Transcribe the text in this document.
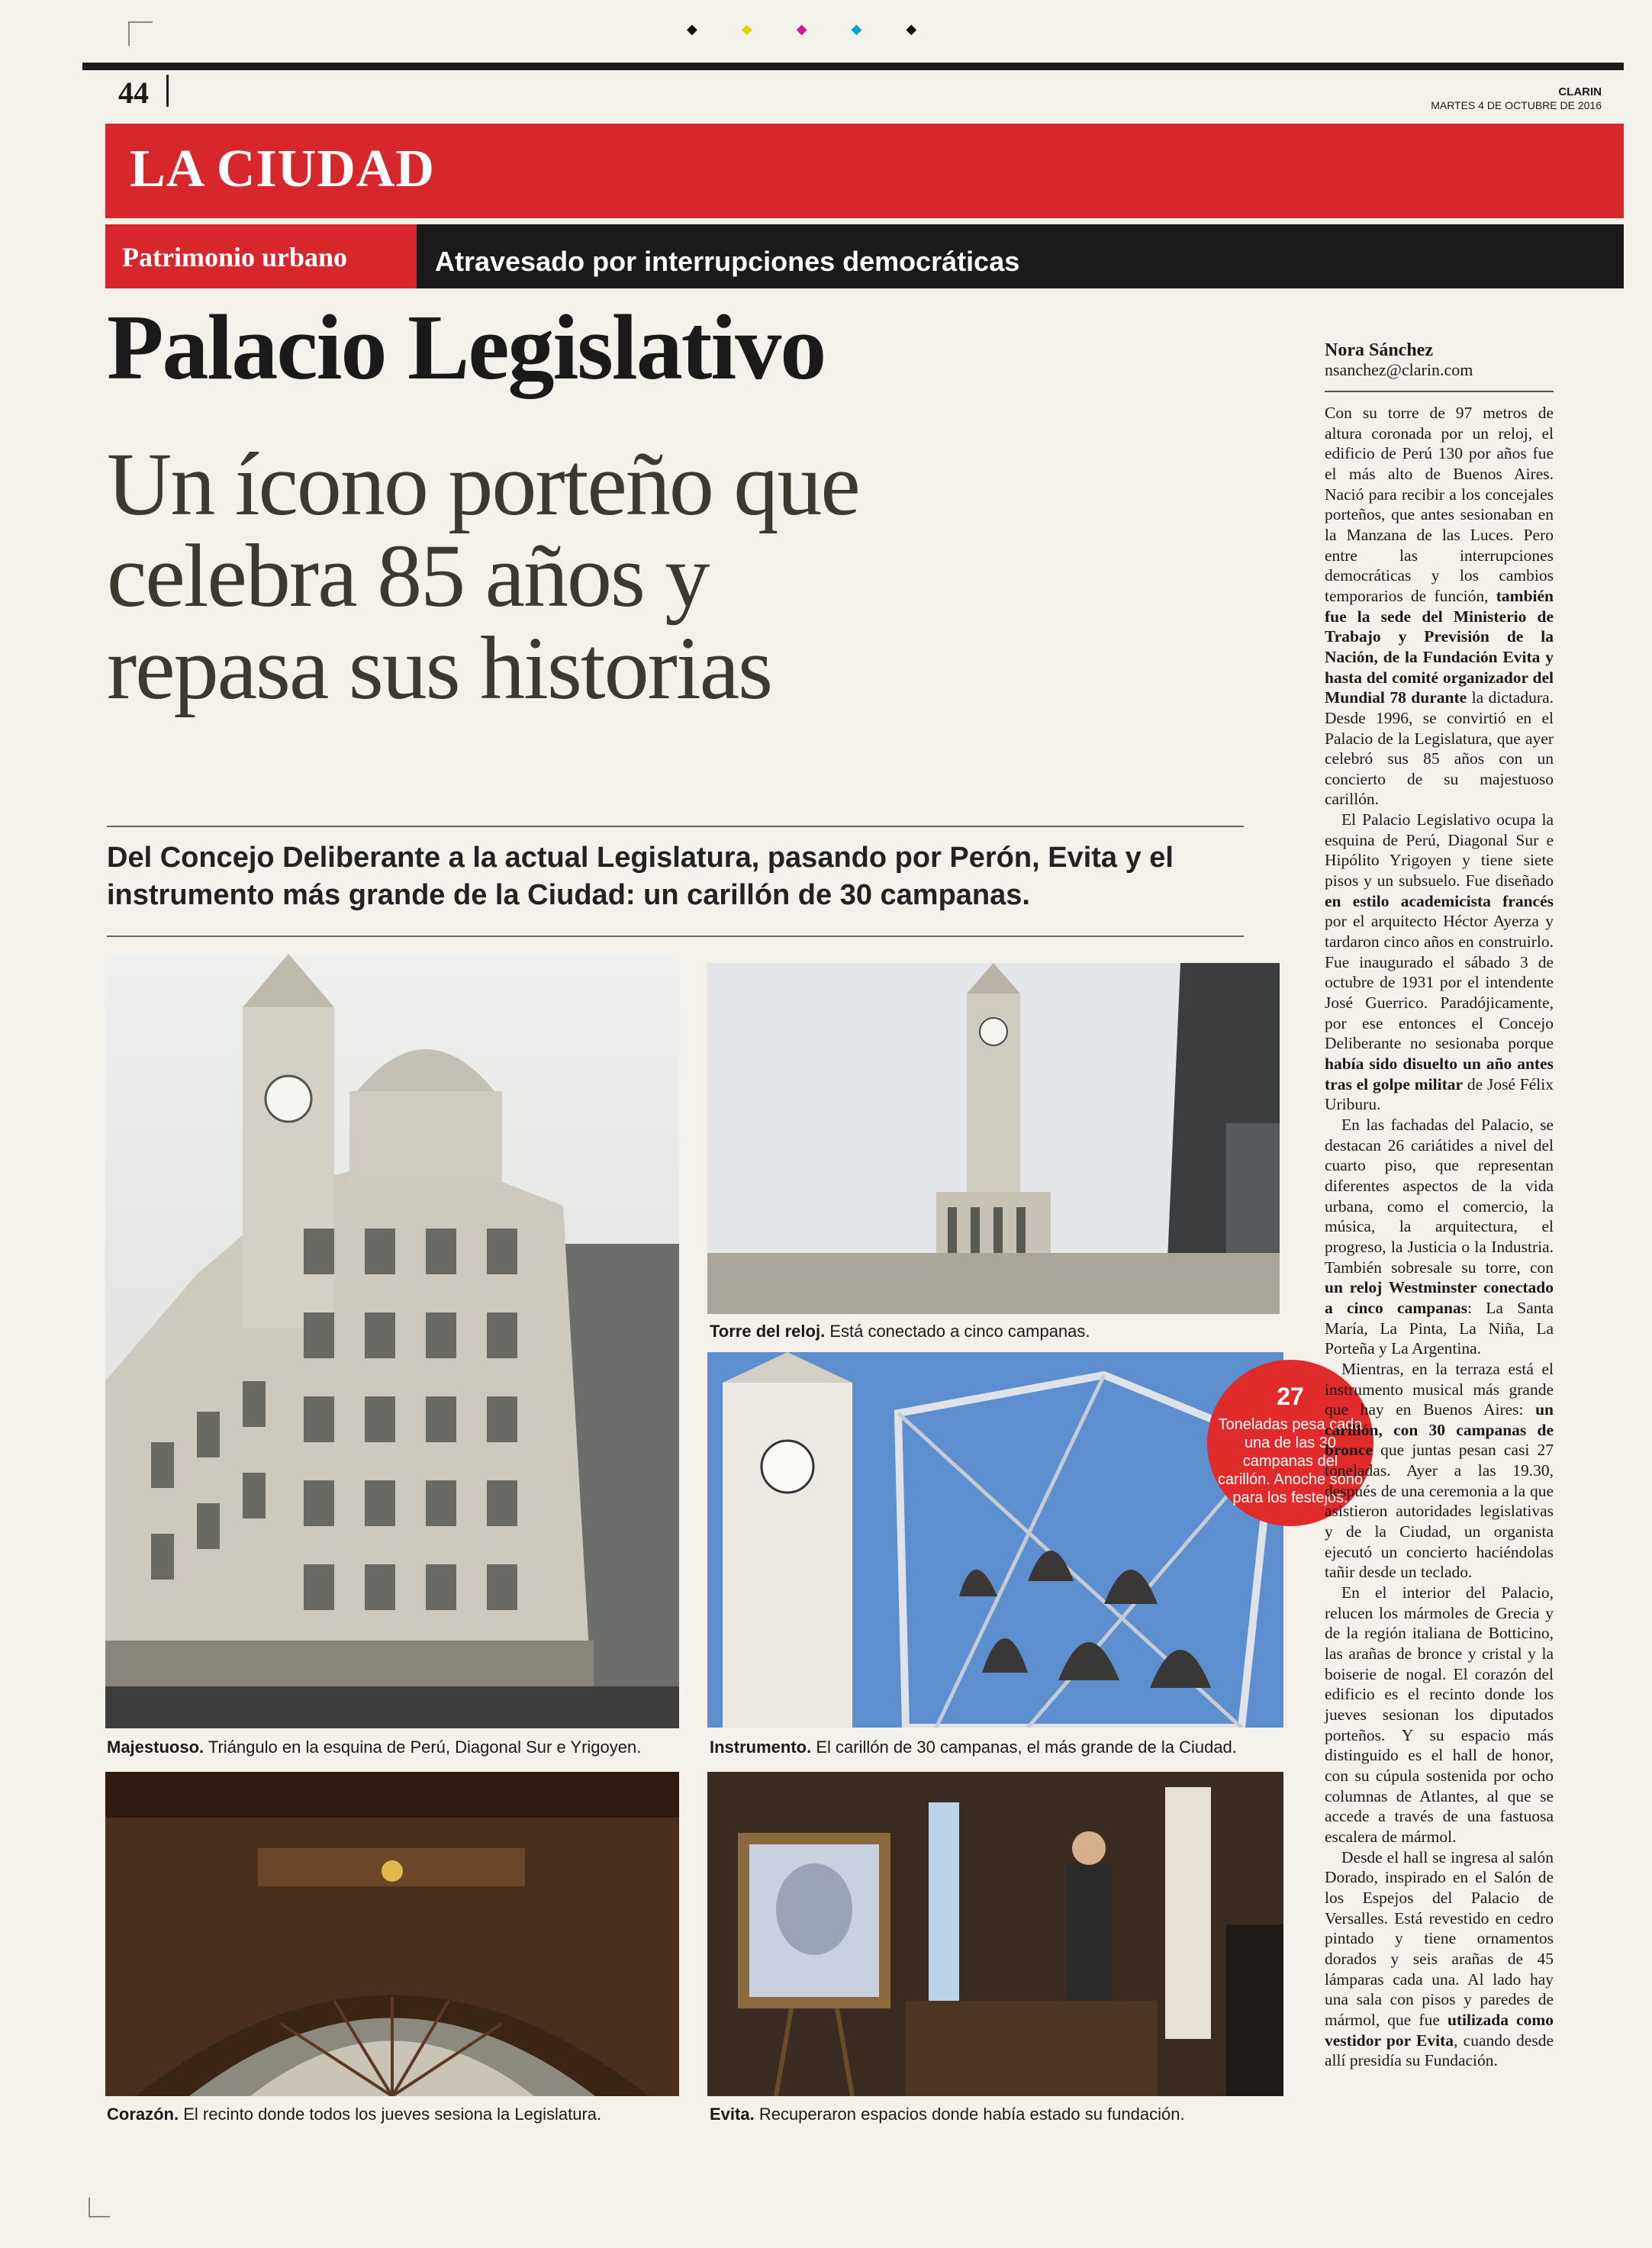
◆◆◆◆◆
44	CLARIN
MARTES 4 DE OCTUBRE DE 2016
LA CIUDAD
Patrimonio urbano	Atravesado por interrupciones democráticas
Palacio Legislativo
Un ícono porteño que
celebra 85 años y
repasa sus historias
Del Concejo Deliberante a la actual Legislatura, pasando por Perón, Evita y el instrumento más grande de la Ciudad: un carillón de 30 campanas.
Majestuoso. Triángulo en la esquina de Perú, Diagonal Sur e Yrigoyen.
Torre del reloj. Está conectado a cinco campanas.
Instrumento. El carillón de 30 campanas, el más grande de la Ciudad.
27
Toneladas pesa cada una de las 30 campanas del carillón. Anoche sonó para los festejos.
Corazón. El recinto donde todos los jueves sesiona la Legislatura.	Evita. Recuperaron espacios donde había estado su fundación.
Nora Sánchez
nsanchez@clarin.com

Con su torre de 97 metros de altura coronada por un reloj, el edificio de Perú 130 por años fue el más alto de Buenos Aires. Nació para recibir a los concejales porteños, que antes sesionaban en la Manzana de las Luces. Pero entre las interrupciones democráticas y los cambios temporarios de función, también fue la sede del Ministerio de Trabajo y Previsión de la Nación, de la Fundación Evita y hasta del comité organizador del Mundial 78 durante la dictadura. Desde 1996, se convirtió en el Palacio de la Legislatura, que ayer celebró sus 85 años con un concierto de su majestuoso carillón.

El Palacio Legislativo ocupa la esquina de Perú, Diagonal Sur e Hipólito Yrigoyen y tiene siete pisos y un subsuelo. Fue diseñado en estilo academicista francés por el arquitecto Héctor Ayerza y tardaron cinco años en construirlo. Fue inaugurado el sábado 3 de octubre de 1931 por el intendente José Guerrico. Paradójicamente, por ese entonces el Concejo Deliberante no sesionaba porque había sido disuelto un año antes tras el golpe militar de José Félix Uriburu.

En las fachadas del Palacio, se destacan 26 cariátides a nivel del cuarto piso, que representan diferentes aspectos de la vida urbana, como el comercio, la música, la arquitectura, el progreso, la Justicia o la Industria. También sobresale su torre, con un reloj Westminster conectado a cinco campanas: La Santa María, La Pinta, La Niña, La Porteña y La Argentina.

Mientras, en la terraza está el instrumento musical más grande que hay en Buenos Aires: un carillón, con 30 campanas de bronce que juntas pesan casi 27 toneladas. Ayer a las 19.30, después de una ceremonia a la que asistieron autoridades legislativas y de la Ciudad, un organista ejecutó un concierto haciéndolas tañir desde un teclado.

En el interior del Palacio, relucen los mármoles de Grecia y de la región italiana de Botticino, las arañas de bronce y cristal y la boiserie de nogal. El corazón del edificio es el recinto donde los jueves sesionan los diputados porteños. Y su espacio más distinguido es el hall de honor, con su cúpula sostenida por ocho columnas de Atlantes, al que se accede a través de una fastuosa escalera de mármol.

Desde el hall se ingresa al salón Dorado, inspirado en el Salón de los Espejos del Palacio de Versalles. Está revestido en cedro pintado y tiene ornamentos dorados y seis arañas de 45 lámparas cada una. Al lado hay una sala con pisos y paredes de mármol, que fue utilizada como vestidor por Evita, cuando desde allí presidía su Fundación.
